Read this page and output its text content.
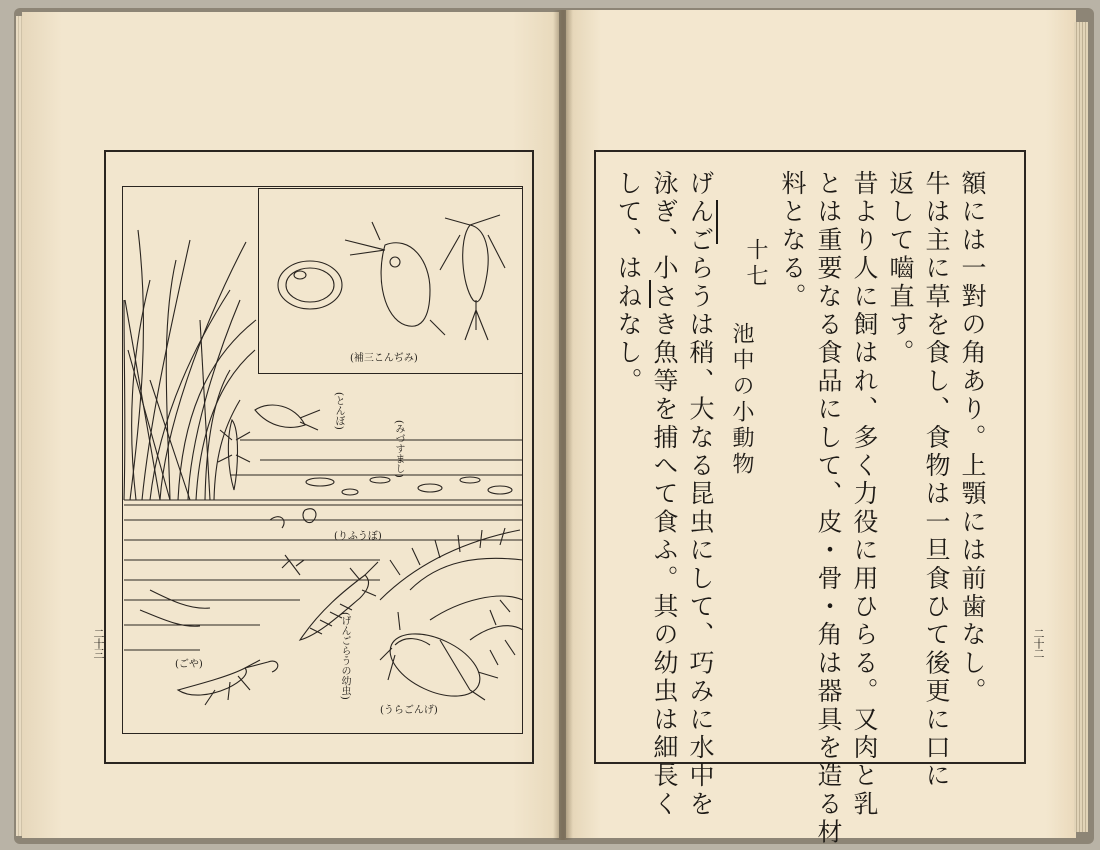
(補三こんぢみ)
(とんぼ)
(みづすまし)
(りふうぼ)
(げんごらうの幼虫)
(ごや)
(うらごんげ)
二十三	額には一對の角あり。上顎には前歯なし。
牛は主に草を食し、食物は一旦食ひて後更に口に
返して嚙直す。
昔より人に飼はれ、多く力役に用ひらる。又肉と乳
とは重要なる食品にして、皮・骨・角は器具を造る材
料となる。
十七
池中の小動物
げんごらうは稍、大なる昆虫にして、巧みに水中を
泳ぎ、小さき魚等を捕へて食ふ。其の幼虫は細長く
して、はねなし。
二十二
